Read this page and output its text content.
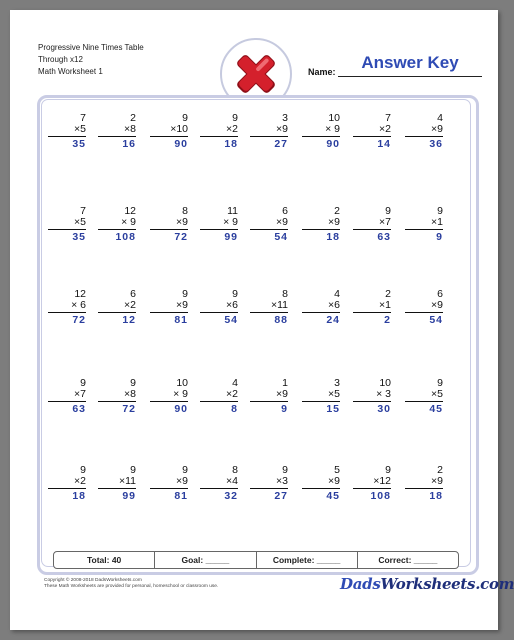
Progressive Nine Times Table
Through x12
Math Worksheet 1	Name:	Answer Key
7
×5
35
2
×8
16
9
×10
90
9
×2
18
3
×9
27
10
× 9
90
7
×2
14
4
×9
36
7
×5
35
12
× 9
108
8
×9
72
11
× 9
99
6
×9
54
2
×9
18
9
×7
63
9
×1
9
12
× 6
72
6
×2
12
9
×9
81
9
×6
54
8
×11
88
4
×6
24
2
×1
2
6
×9
54
9
×7
63
9
×8
72
10
× 9
90
4
×2
8
1
×9
9
3
×5
15
10
× 3
30
9
×5
45
9
×2
18
9
×11
99
9
×9
81
8
×4
32
9
×3
27
5
×9
45
9
×12
108
2
×9
18
Total: 40	Goal: _____	Complete: _____	Correct: _____
Copyright © 2008-2018 DadsWorksheets.com
These Math Worksheets are provided for personal, homeschool or classroom use.	DadsWorksheets.com
